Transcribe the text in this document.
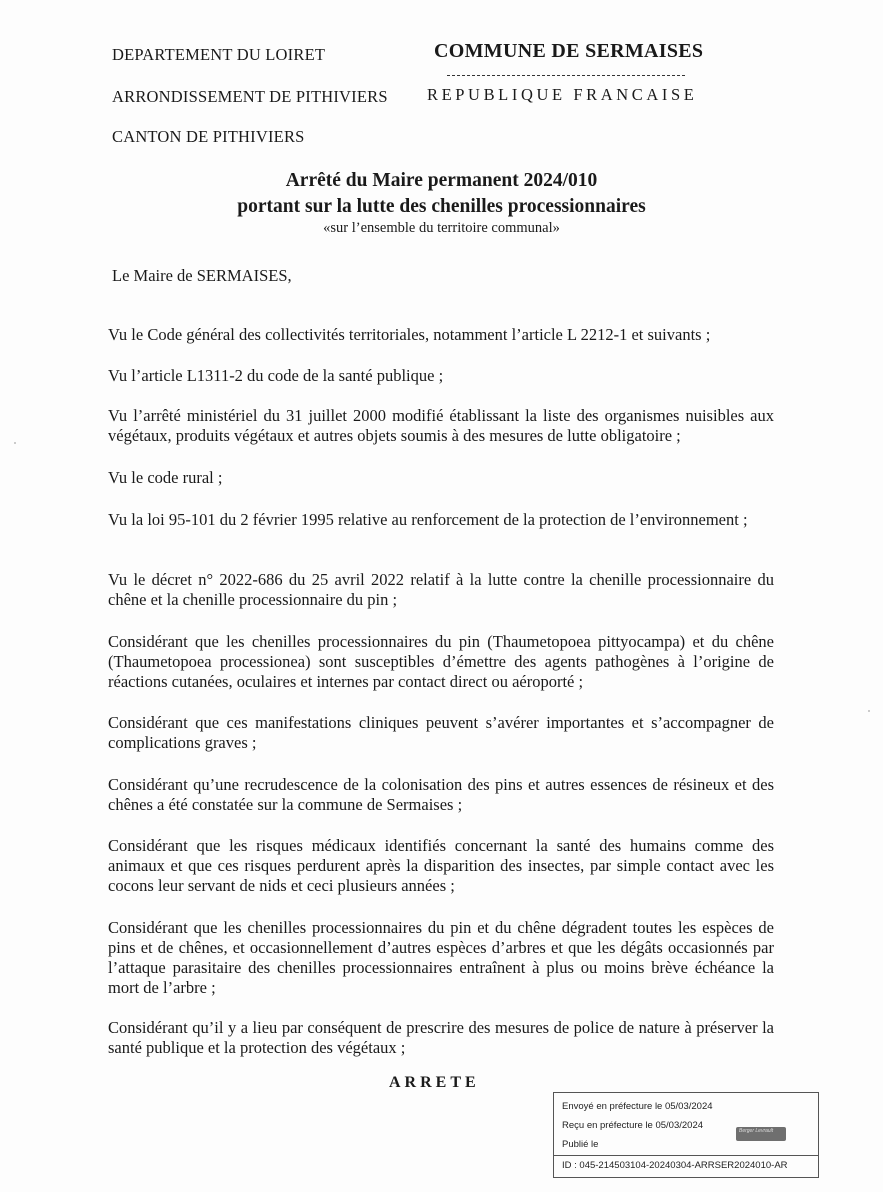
DEPARTEMENT DU LOIRET
ARRONDISSEMENT DE PITHIVIERS
CANTON DE PITHIVIERS
COMMUNE DE SERMAISES
REPUBLIQUE FRANCAISE
Arrêté du Maire permanent 2024/010
portant sur la lutte des chenilles processionnaires
«sur l’ensemble du territoire communal»
Le Maire de SERMAISES,
Vu le Code général des collectivités territoriales, notamment l’article L 2212-1 et suivants ;
Vu l’article L1311-2 du code de la santé publique ;
Vu l’arrêté ministériel du 31 juillet 2000 modifié établissant la liste des organismes nuisibles aux végétaux, produits végétaux et autres objets soumis à des mesures de lutte obligatoire ;
Vu le code rural ;
Vu la loi 95-101 du 2 février 1995 relative au renforcement de la protection de l’environnement ;
Vu le décret n° 2022-686 du 25 avril 2022 relatif à la lutte contre la chenille processionnaire du chêne et la chenille processionnaire du pin ;
Considérant que les chenilles processionnaires du pin (Thaumetopoea pittyocampa) et du chêne (Thaumetopoea processionea) sont susceptibles d’émettre des agents pathogènes à l’origine de réactions cutanées, oculaires et internes par contact direct ou aéroporté ;
Considérant que ces manifestations cliniques peuvent s’avérer importantes et s’accompagner de complications graves ;
Considérant qu’une recrudescence de la colonisation des pins et autres essences de résineux et des chênes a été constatée sur la commune de Sermaises ;
Considérant que les risques médicaux identifiés concernant la santé des humains comme des animaux et que ces risques perdurent après la disparition des insectes, par simple contact avec les cocons leur servant de nids et ceci plusieurs années ;
Considérant que les chenilles processionnaires du pin et du chêne dégradent toutes les espèces de pins et de chênes, et occasionnellement d’autres espèces d’arbres et que les dégâts occasionnés par l’attaque parasitaire des chenilles processionnaires entraînent à plus ou moins brève échéance la mort de l’arbre ;
Considérant qu’il y a lieu par conséquent de prescrire des mesures de police de nature à préserver la santé publique et la protection des végétaux ;
ARRETE
Envoyé en préfecture le 05/03/2024
Reçu en préfecture le 05/03/2024
Publié le
Berger Levrault
ID : 045-214503104-20240304-ARRSER2024010-AR
